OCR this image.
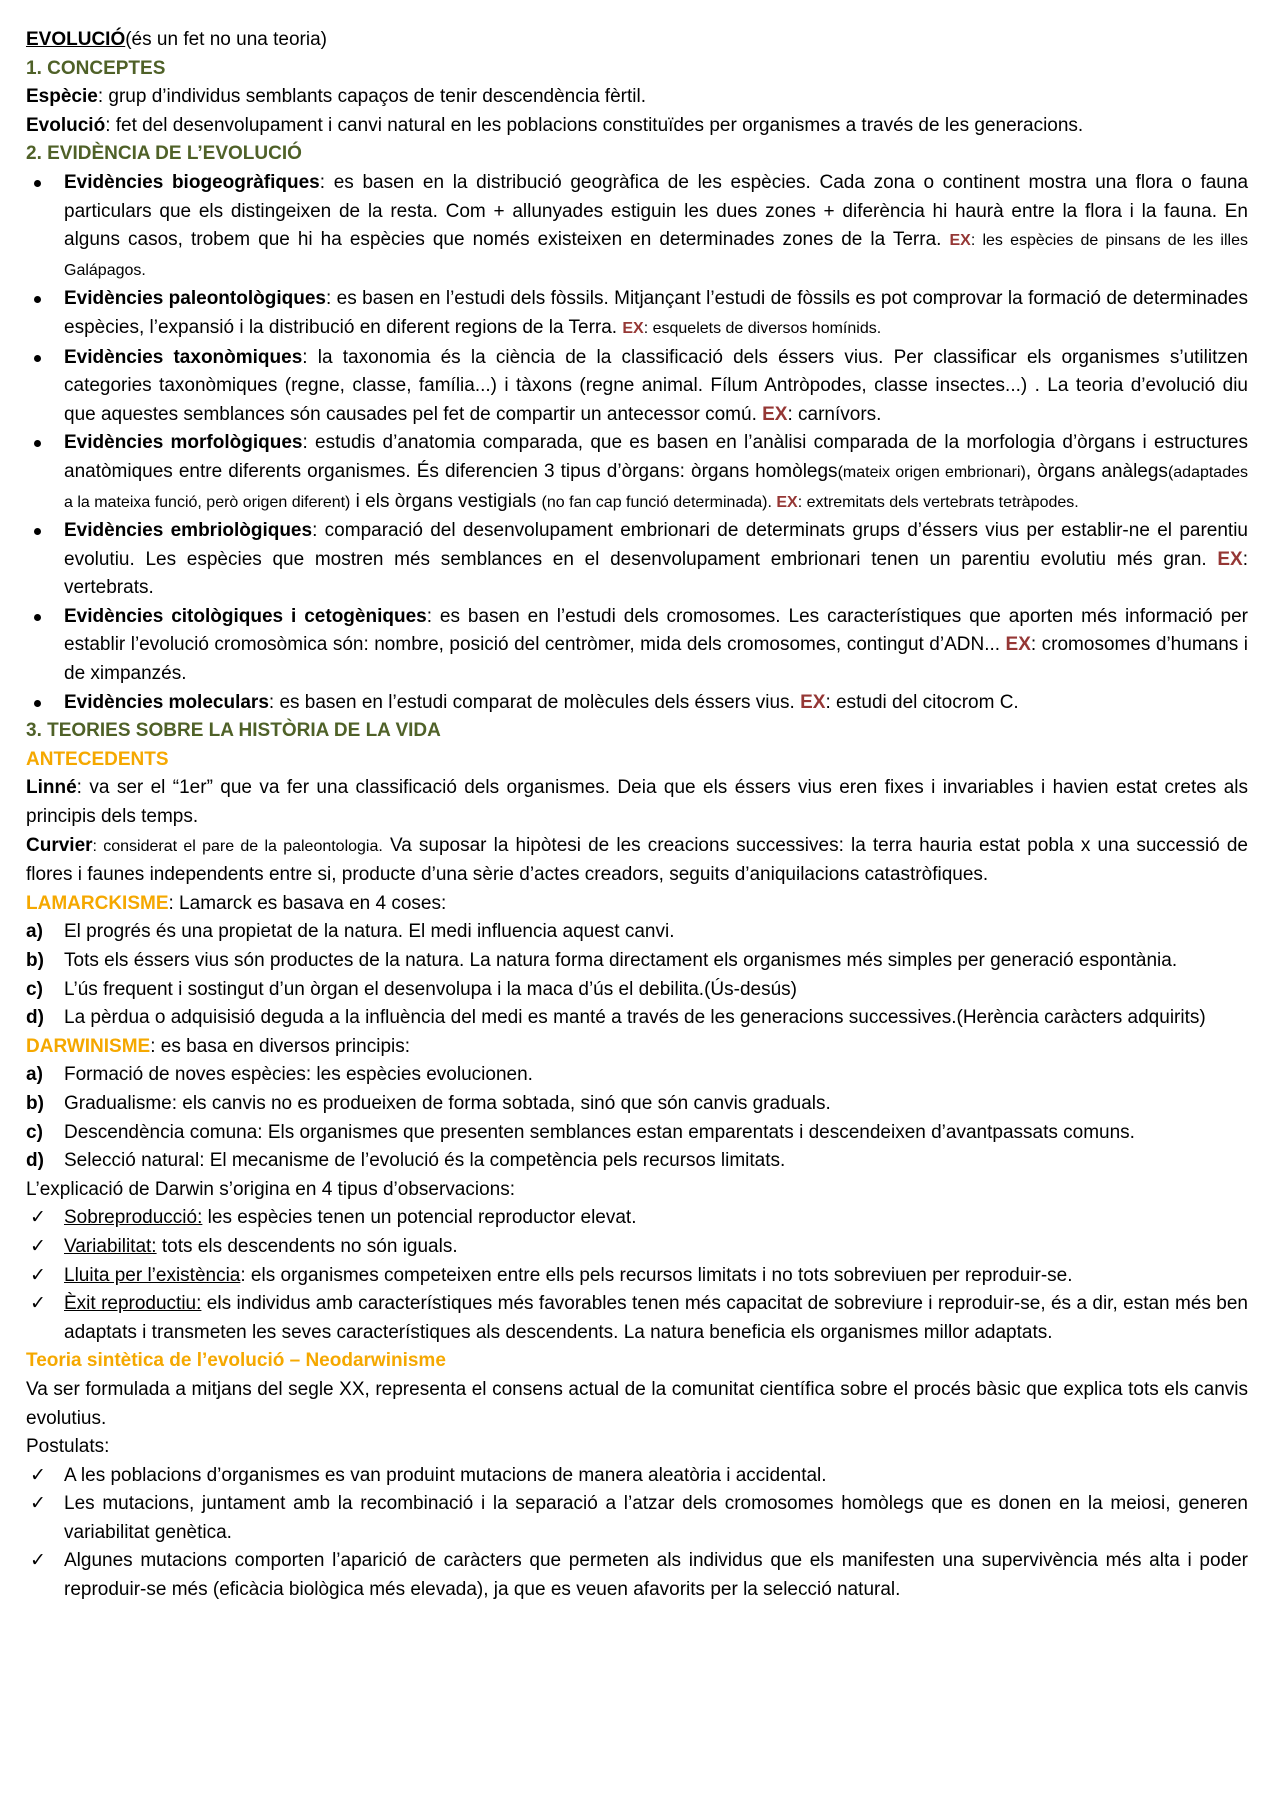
EVOLUCIÓ(és un fet no una teoria)

1. CONCEPTES

Espècie: grup d’individus semblants capaços de tenir descendència fèrtil.

Evolució: fet del desenvolupament i canvi natural en les poblacions constituïdes per organismes a través de les generacions.

2. EVIDÈNCIA DE L’EVOLUCIÓ

Evidències biogeogràfiques: es basen en la distribució geogràfica de les espècies. Cada zona o continent mostra una flora o fauna particulars que els distingeixen de la resta. Com + allunyades estiguin les dues zones + diferència hi haurà entre la flora i la fauna. En alguns casos, trobem que hi ha espècies que només existeixen en determinades zones de la Terra. EX: les espècies de pinsans de les illes Galápagos.
Evidències paleontològiques: es basen en l’estudi dels fòssils. Mitjançant l’estudi de fòssils es pot comprovar la formació de determinades espècies, l’expansió i la distribució en diferent regions de la Terra. EX: esquelets de diversos homínids.
Evidències taxonòmiques: la taxonomia és la ciència de la classificació dels éssers vius. Per classificar els organismes s’utilitzen categories taxonòmiques (regne, classe, família...) i tàxons (regne animal. Fílum Antròpodes, classe insectes...) . La teoria d’evolució diu que aquestes semblances són causades pel fet de compartir un antecessor comú. EX: carnívors.
Evidències morfològiques: estudis d’anatomia comparada, que es basen en l’anàlisi comparada de la morfologia d’òrgans i estructures anatòmiques entre diferents organismes. És diferencien 3 tipus d’òrgans: òrgans homòlegs(mateix origen embrionari), òrgans anàlegs(adaptades a la mateixa funció, però origen diferent) i els òrgans vestigials (no fan cap funció determinada). EX: extremitats dels vertebrats tetràpodes.
Evidències embriològiques: comparació del desenvolupament embrionari de determinats grups d’éssers vius per establir-ne el parentiu evolutiu. Les espècies que mostren més semblances en el desenvolupament embrionari tenen un parentiu evolutiu més gran. EX: vertebrats.
Evidències citològiques i cetogèniques: es basen en l’estudi dels cromosomes. Les característiques que aporten més informació per establir l’evolució cromosòmica són: nombre, posició del centròmer, mida dels cromosomes, contingut d’ADN... EX: cromosomes d’humans i de ximpanzés.
Evidències moleculars: es basen en l’estudi comparat de molècules dels éssers vius. EX: estudi del citocrom C.

3. TEORIES SOBRE LA HISTÒRIA DE LA VIDA

ANTECEDENTS

Linné: va ser el “1er” que va fer una classificació dels organismes. Deia que els éssers vius eren fixes i invariables i havien estat cretes als principis dels temps.

Curvier: considerat el pare de la paleontologia. Va suposar la hipòtesi de les creacions successives: la terra hauria estat pobla x una successió de flores i faunes independents entre si, producte d’una sèrie d’actes creadors, seguits d’aniquilacions catastròfiques.

LAMARCKISME: Lamarck es basava en 4 coses:

a)	El progrés és una propietat de la natura. El medi influencia aquest canvi.
b)	Tots els éssers vius són productes de la natura. La natura forma directament els organismes més simples per generació espontània.
c)	L’ús frequent i sostingut d’un òrgan el desenvolupa i la maca d’ús el debilita.(Ús-desús)
d)	La pèrdua o adquisisió deguda a la influència del medi es manté a través de les generacions successives.(Herència caràcters adquirits)

DARWINISME: es basa en diversos principis:

a)	Formació de noves espècies: les espècies evolucionen.
b)	Gradualisme: els canvis no es produeixen de forma sobtada, sinó que són canvis graduals.
c)	Descendència comuna: Els organismes que presenten semblances estan emparentats i descendeixen d’avantpassats comuns.
d)	Selecció natural: El mecanisme de l’evolució és la competència pels recursos limitats.

L’explicació de Darwin s’origina en 4 tipus d’observacions:

✓ Sobreproducció: les espècies tenen un potencial reproductor elevat.
✓ Variabilitat: tots els descendents no són iguals.
✓ Lluita per l’existència: els organismes competeixen entre ells pels recursos limitats i no tots sobreviuen per reproduir-se.
✓ Èxit reproductiu: els individus amb característiques més favorables tenen més capacitat de sobreviure i reproduir-se, és a dir, estan més ben adaptats i transmeten les seves característiques als descendents. La natura beneficia els organismes millor adaptats.

Teoria sintètica de l’evolució – Neodarwinisme

Va ser formulada a mitjans del segle XX, representa el consens actual de la comunitat científica sobre el procés bàsic que explica tots els canvis evolutius.

Postulats:

✓ A les poblacions d’organismes es van produint mutacions de manera aleatòria i accidental.
✓ Les mutacions, juntament amb la recombinació i la separació a l’atzar dels cromosomes homòlegs que es donen en la meiosi, generen variabilitat genètica.
✓ Algunes mutacions comporten l’aparició de caràcters que permeten als individus que els manifesten una supervivència més alta i poder reproduir-se més (eficàcia biològica més elevada), ja que es veuen afavorits per la selecció natural.
